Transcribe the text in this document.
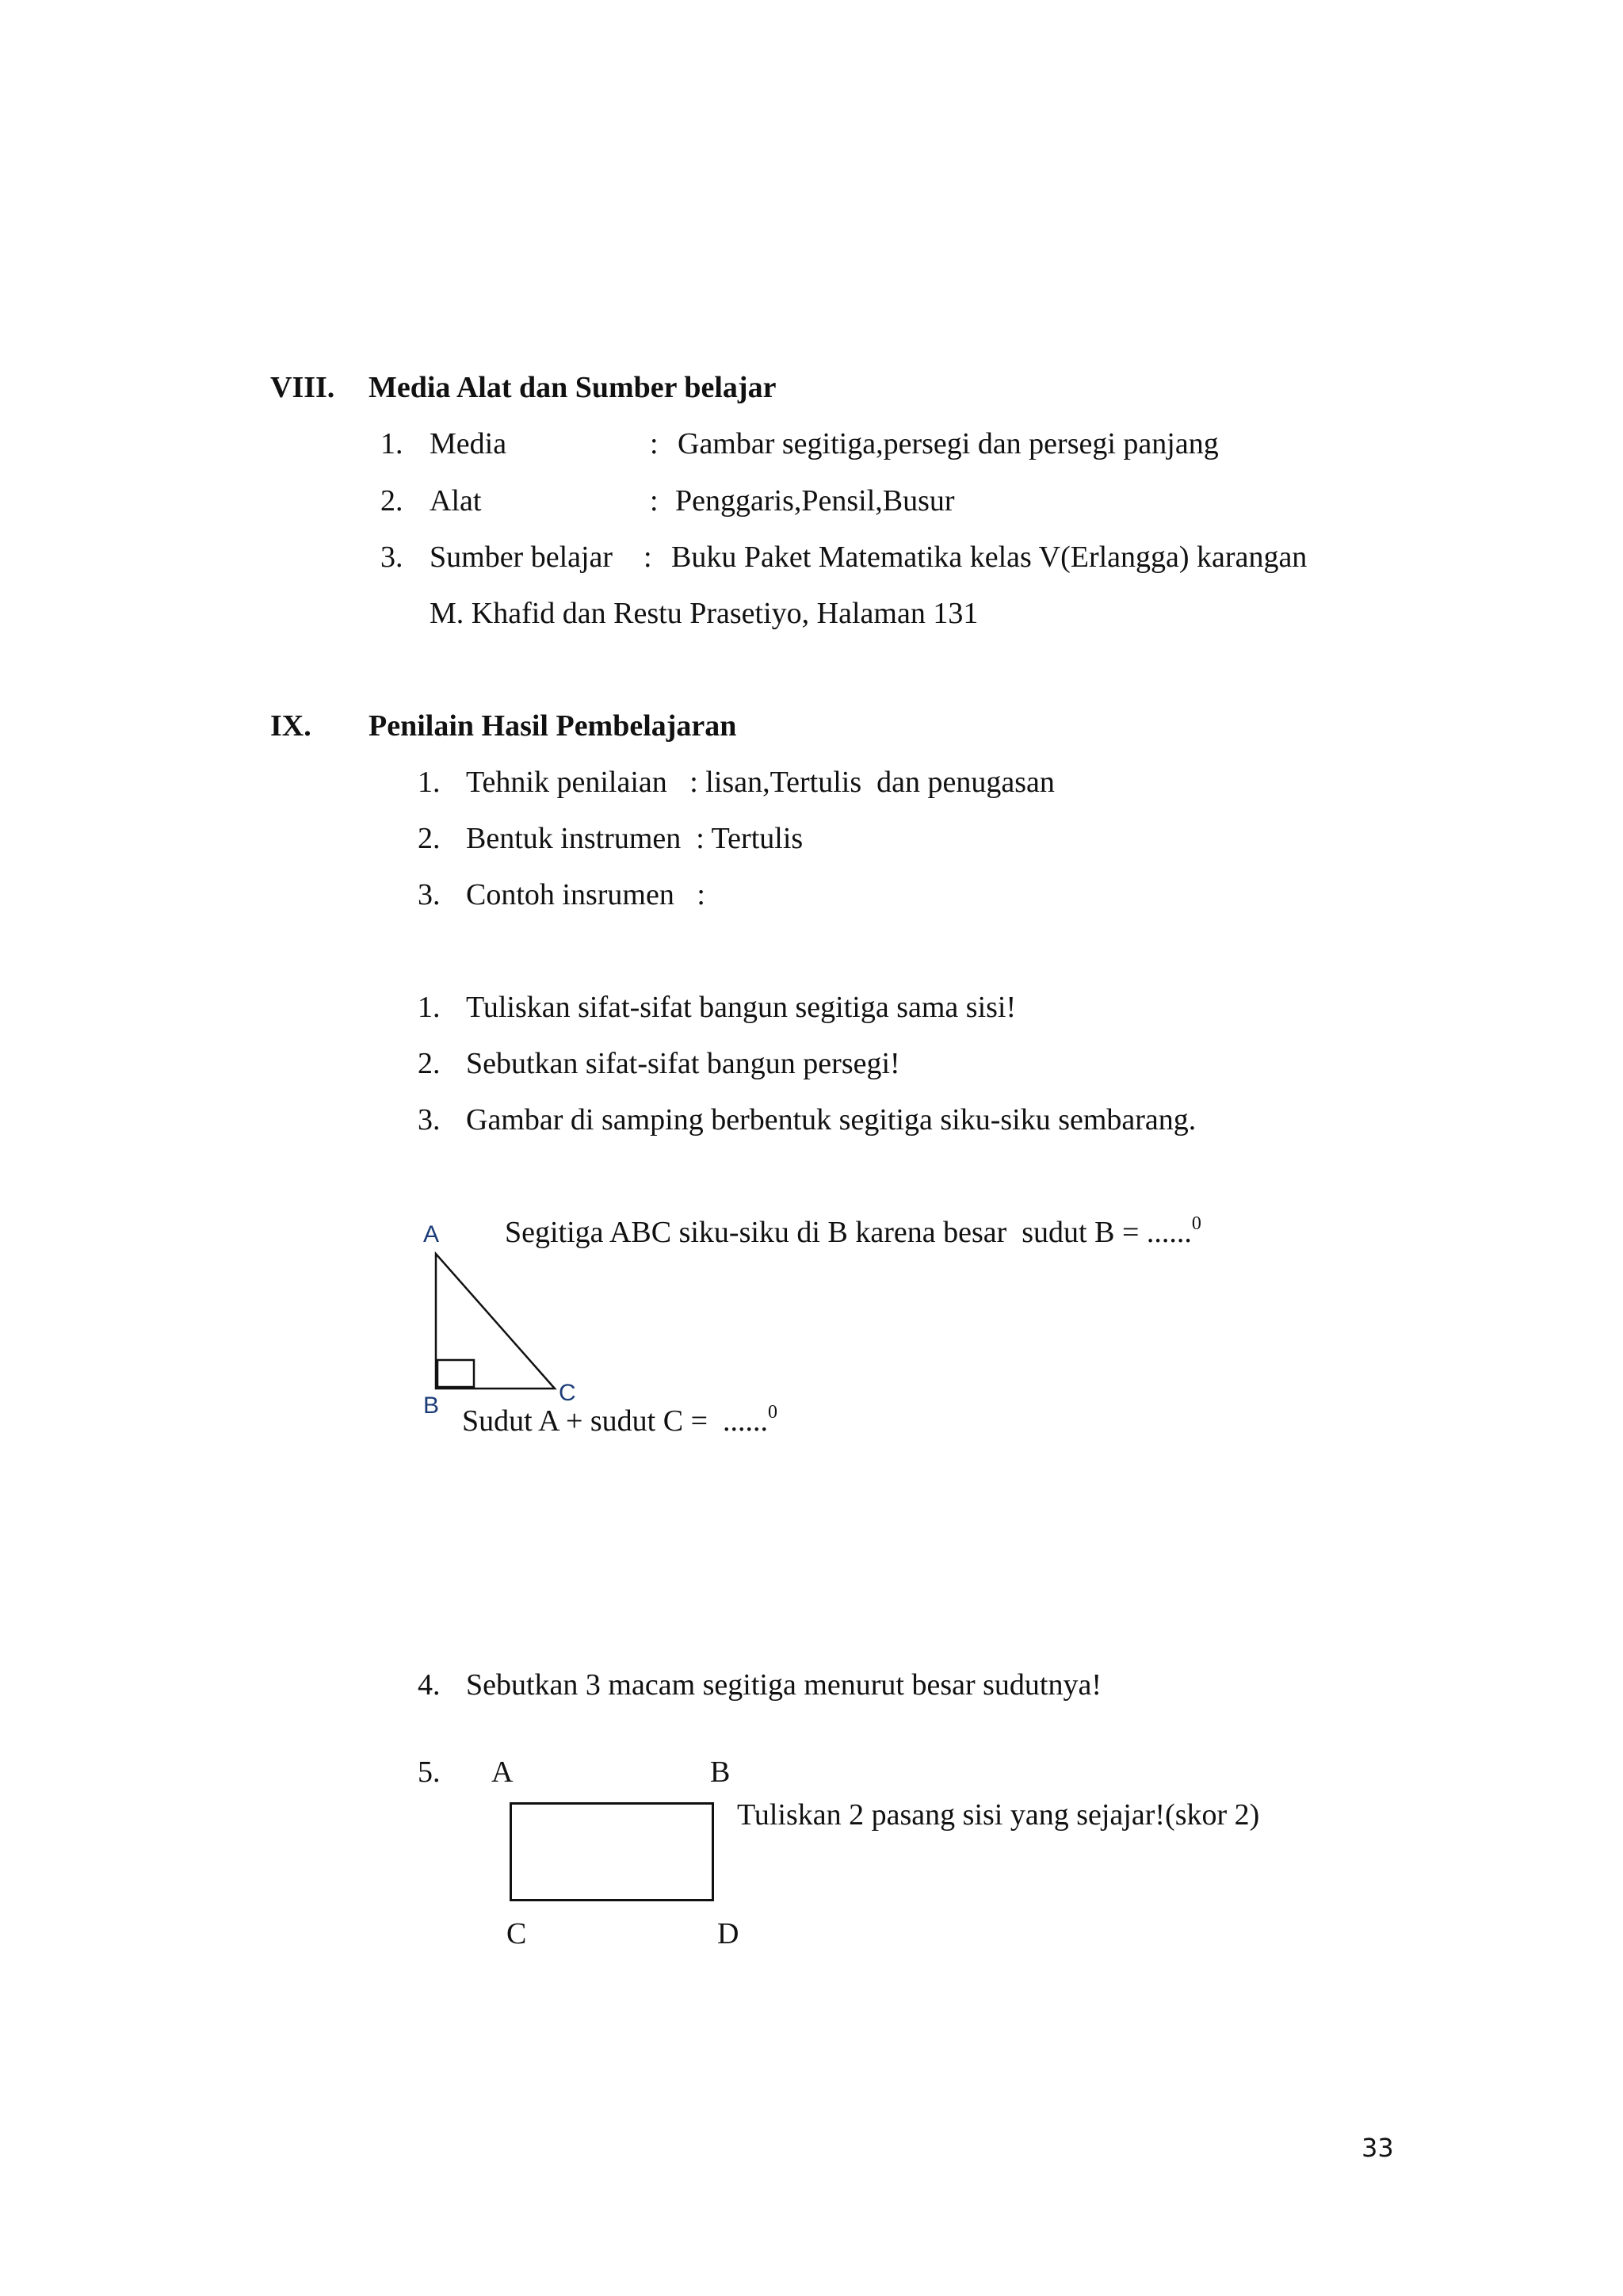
VIII. Media Alat dan Sumber belajar
1. Media	: Gambar segitiga,persegi dan persegi panjang
2. Alat	: Penggaris,Pensil,Busur
3. Sumber belajar : Buku Paket Matematika kelas V(Erlangga) karangan
M. Khafid dan Restu Prasetiyo, Halaman 131
IX. Penilain Hasil Pembelajaran
1. Tehnik penilaian   : lisan,Tertulis  dan penugasan
2. Bentuk instrumen  : Tertulis
3. Contoh insrumen   :
1. Tuliskan sifat-sifat bangun segitiga sama sisi!
2. Sebutkan sifat-sifat bangun persegi!
3. Gambar di samping berbentuk segitiga siku-siku sembarang.
A
B	C
Segitiga ABC siku-siku di B karena besar  sudut B = ......$^0$
Sudut A + sudut C =  ......$^0$
4. Sebutkan 3 macam segitiga menurut besar sudutnya!
5. A	B
Tuliskan 2 pasang sisi yang sejajar!(skor 2)
C	D
33
